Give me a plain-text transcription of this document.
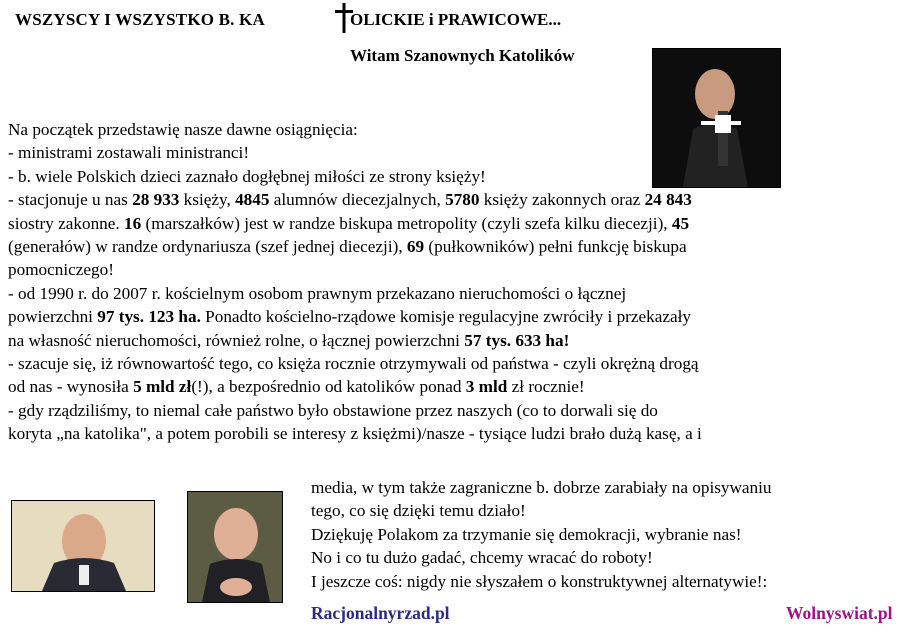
WSZYSCY I WSZYSTKO B. KA	OLICKIE i PRAWICOWE...
Witam Szanownych Katolików

Na początek przedstawię nasze dawne osiągnięcia:

- ministrami zostawali ministranci!

- b. wiele Polskich dzieci zaznało dogłębnej miłości ze strony księży!

- stacjonuje u nas 28 933 księży, 4845 alumnów diecezjalnych, 5780 księży zakonnych oraz 24 843

siostry zakonne. 16 (marszałków) jest w randze biskupa metropolity (czyli szefa kilku diecezji), 45

(generałów) w randze ordynariusza (szef jednej diecezji), 69 (pułkowników) pełni funkcję biskupa

pomocniczego!

- od 1990 r. do 2007 r. kościelnym osobom prawnym przekazano nieruchomości o łącznej

powierzchni 97 tys. 123 ha. Ponadto kościelno-rządowe komisje regulacyjne zwróciły i przekazały

na własność nieruchomości, również rolne, o łącznej powierzchni 57 tys. 633 ha!

- szacuje się, iż równowartość tego, co księża rocznie otrzymywali od państwa - czyli okrężną drogą

od nas - wynosiła 5 mld zł(!), a bezpośrednio od katolików ponad 3 mld zł rocznie!

- gdy rządziliśmy, to niemal całe państwo było obstawione przez naszych (co to dorwali się do

koryta „na katolika", a potem porobili se interesy z księżmi)/nasze - tysiące ludzi brało dużą kasę, a i

media, w tym także zagraniczne b. dobrze zarabiały na opisywaniu

tego, co się dzięki temu działo!

Dziękuję Polakom za trzymanie się demokracji, wybranie nas!

No i co tu dużo gadać, chcemy wracać do roboty!

I jeszcze coś: nigdy nie słyszałem o konstruktywnej alternatywie!:

Racjonalnyrzad.pl	Wolnyswiat.pl
